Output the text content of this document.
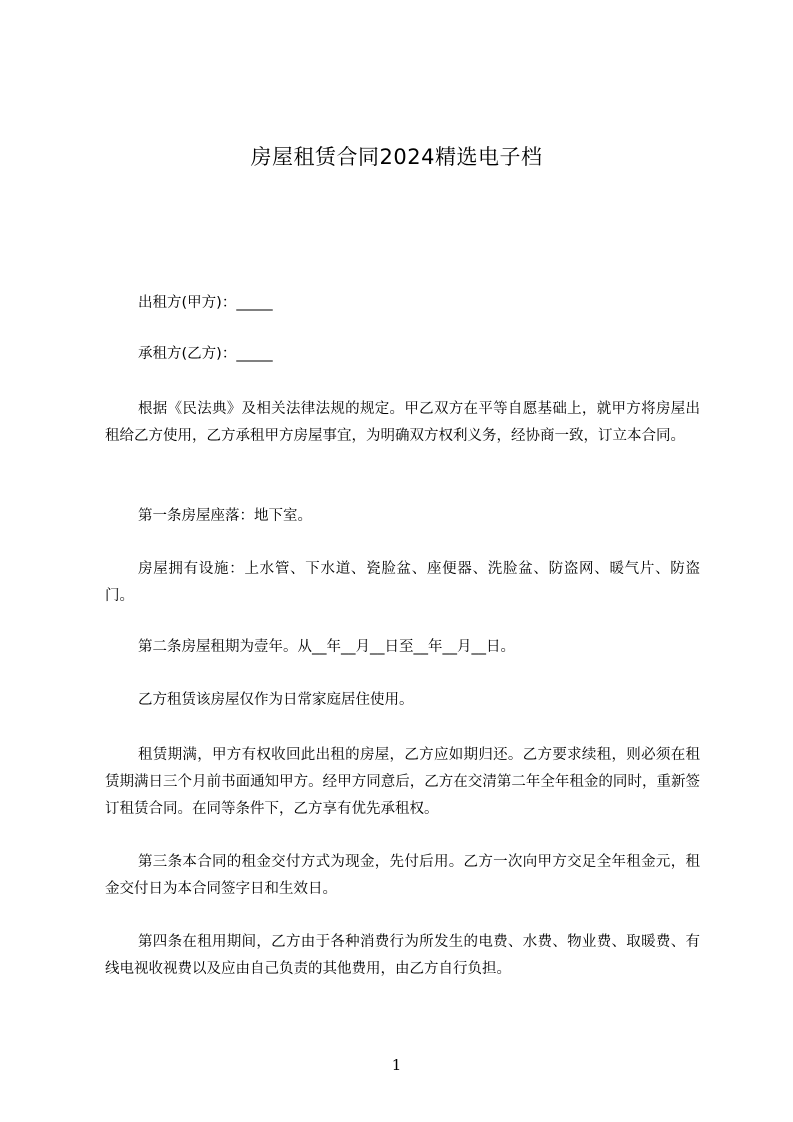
房屋租赁合同2024精选电子档

出租方(甲方)：_____

承租方(乙方)：_____

根据《民法典》及相关法律法规的规定。甲乙双方在平等自愿基础上，就甲方将房屋出租给乙方使用，乙方承租甲方房屋事宜，为明确双方权利义务，经协商一致，订立本合同。

第一条房屋座落：地下室。

房屋拥有设施：上水管、下水道、瓷脸盆、座便器、洗脸盆、防盗网、暖气片、防盗门。

第二条房屋租期为壹年。从__年__月__日至__年__月__日。

乙方租赁该房屋仅作为日常家庭居住使用。

租赁期满，甲方有权收回此出租的房屋，乙方应如期归还。乙方要求续租，则必须在租赁期满日三个月前书面通知甲方。经甲方同意后，乙方在交清第二年全年租金的同时，重新签订租赁合同。在同等条件下，乙方享有优先承租权。

第三条本合同的租金交付方式为现金，先付后用。乙方一次向甲方交足全年租金元，租金交付日为本合同签字日和生效日。

第四条在租用期间，乙方由于各种消费行为所发生的电费、水费、物业费、取暖费、有线电视收视费以及应由自己负责的其他费用，由乙方自行负担。

1
